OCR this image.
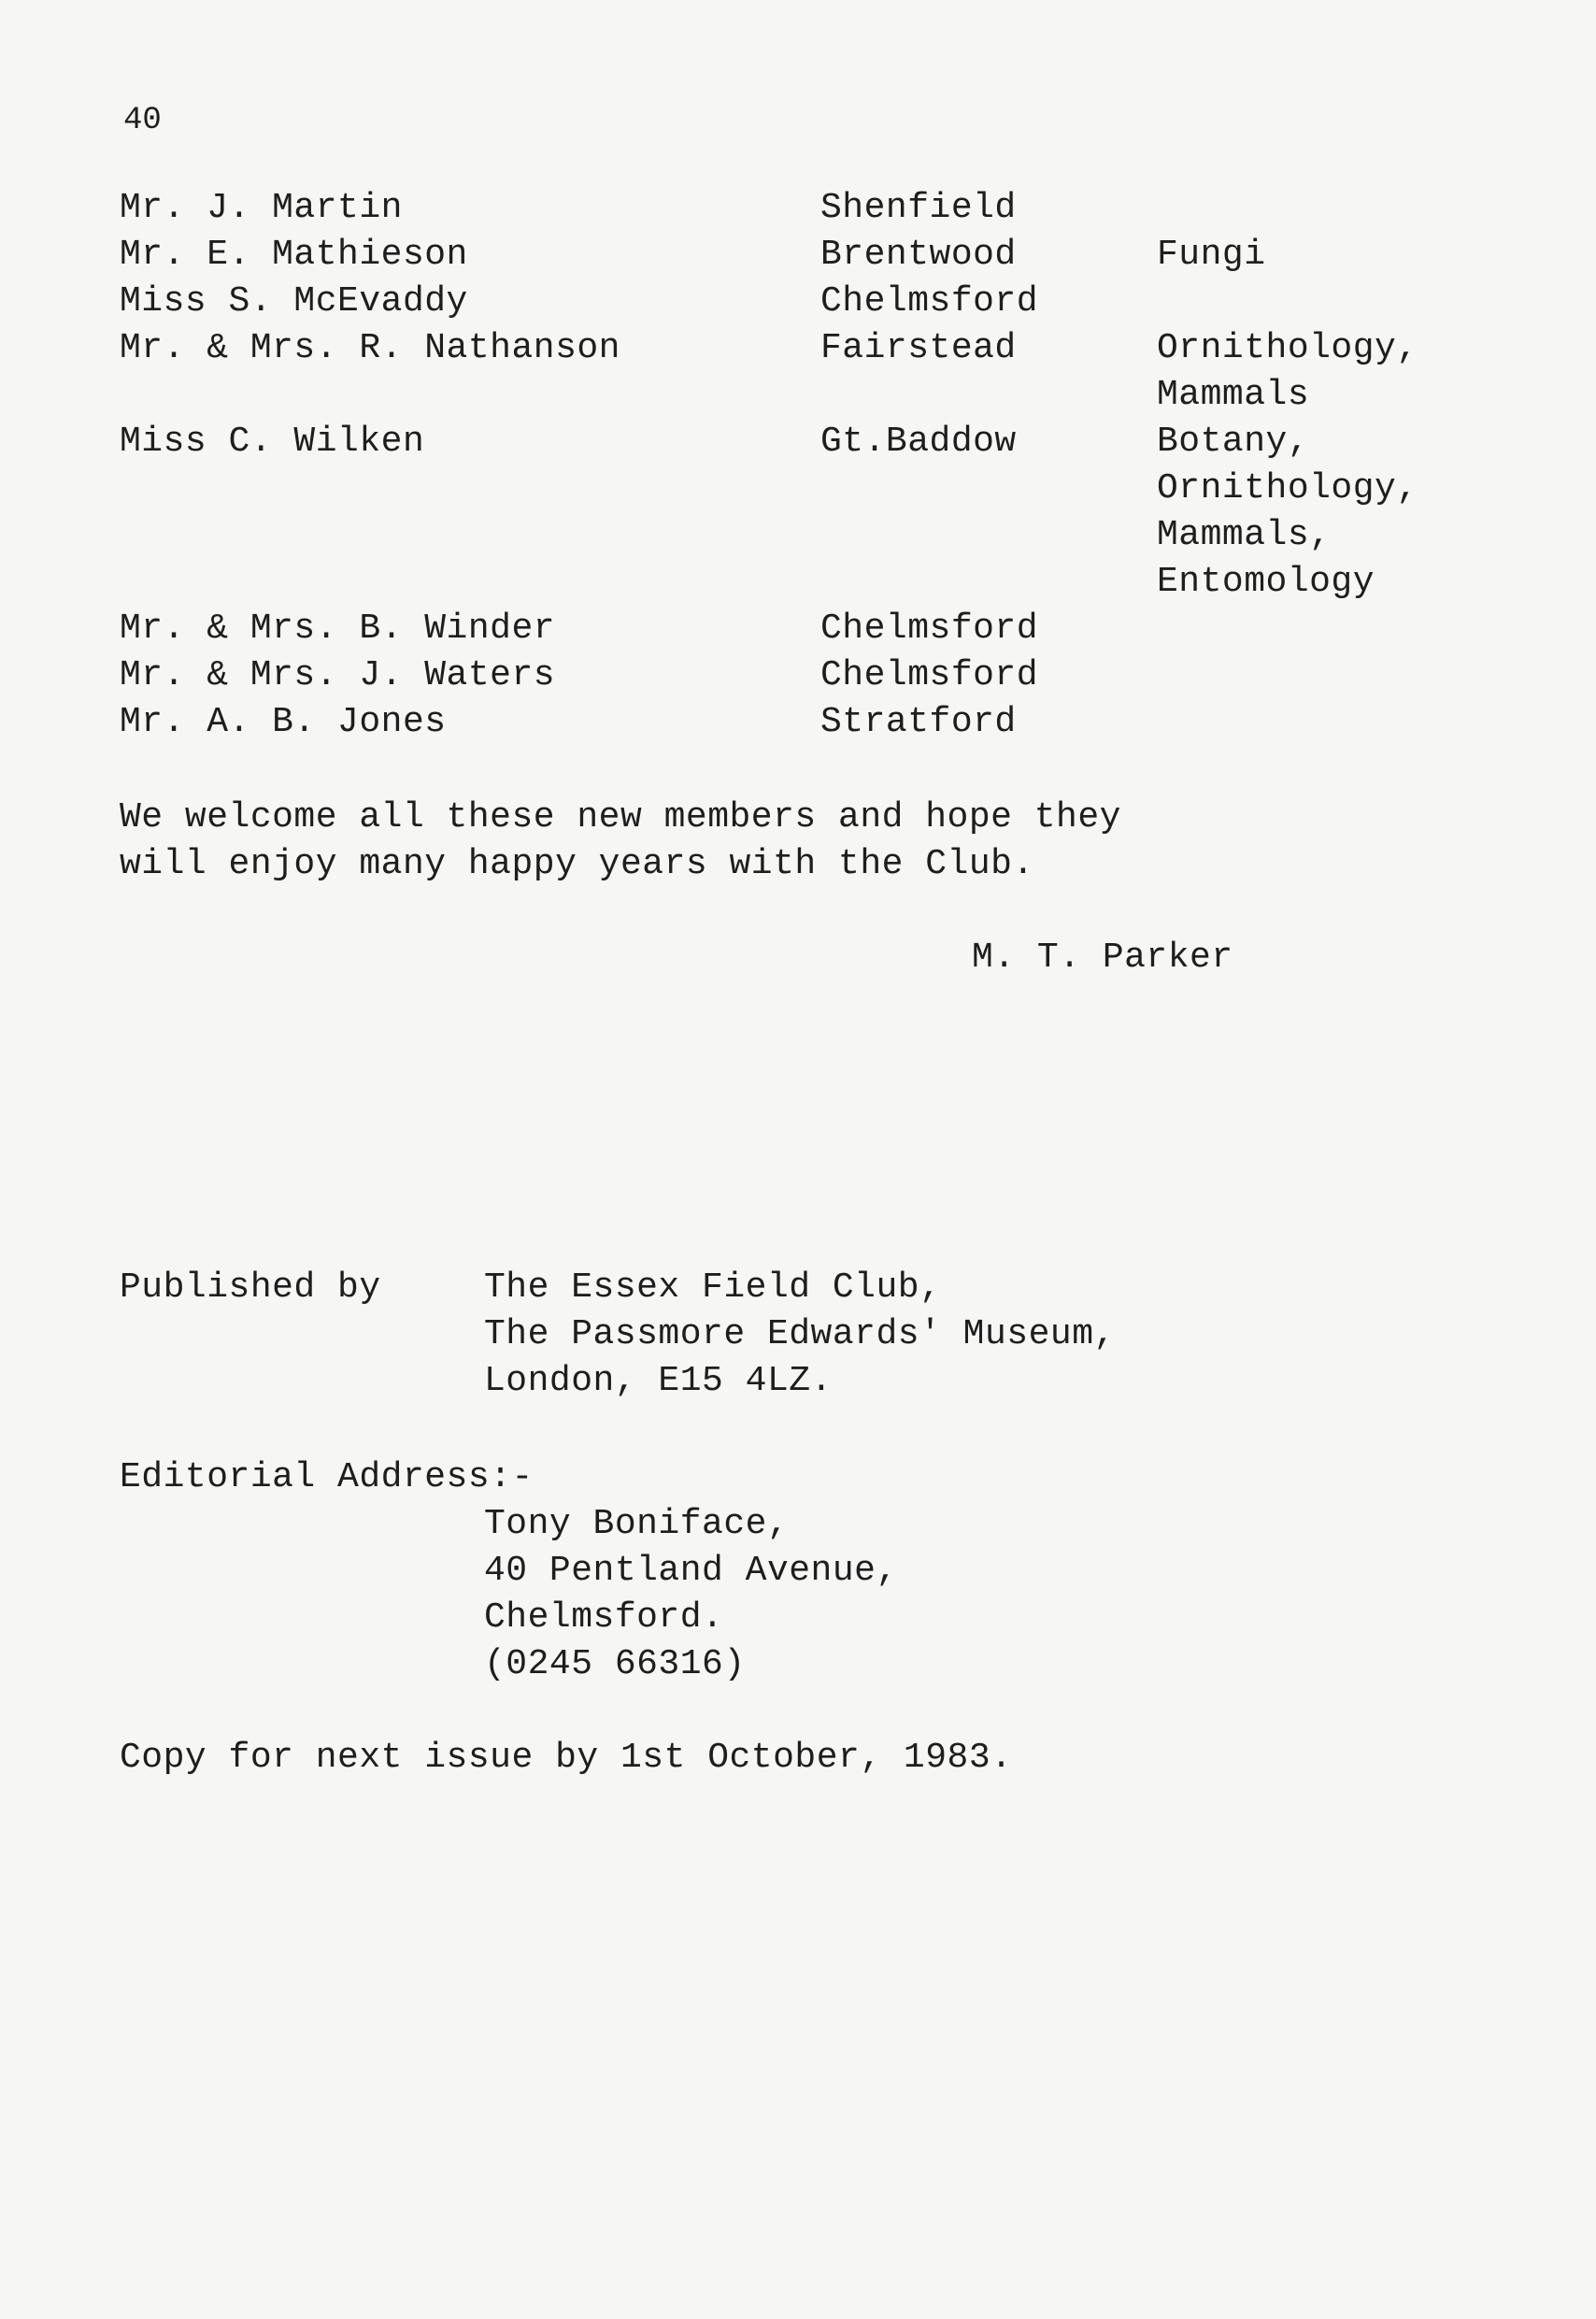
40
Mr. J. Martin	Shenfield
Mr. E. Mathieson	Brentwood	Fungi
Miss S. McEvaddy	Chelmsford
Mr. & Mrs. R. Nathanson	Fairstead	Ornithology,
Mammals
Miss C. Wilken	Gt.Baddow	Botany,
Ornithology,
Mammals,
Entomology
Mr. & Mrs. B. Winder	Chelmsford
Mr. & Mrs. J. Waters	Chelmsford
Mr. A. B. Jones	Stratford
We welcome all these new members and hope they
will enjoy many happy years with the Club.
M. T. Parker
Published by	The Essex Field Club,
The Passmore Edwards' Museum,
London, E15 4LZ.
Editorial Address:-
Tony Boniface,
40 Pentland Avenue,
Chelmsford.
(0245 66316)
Copy for next issue by 1st October, 1983.
